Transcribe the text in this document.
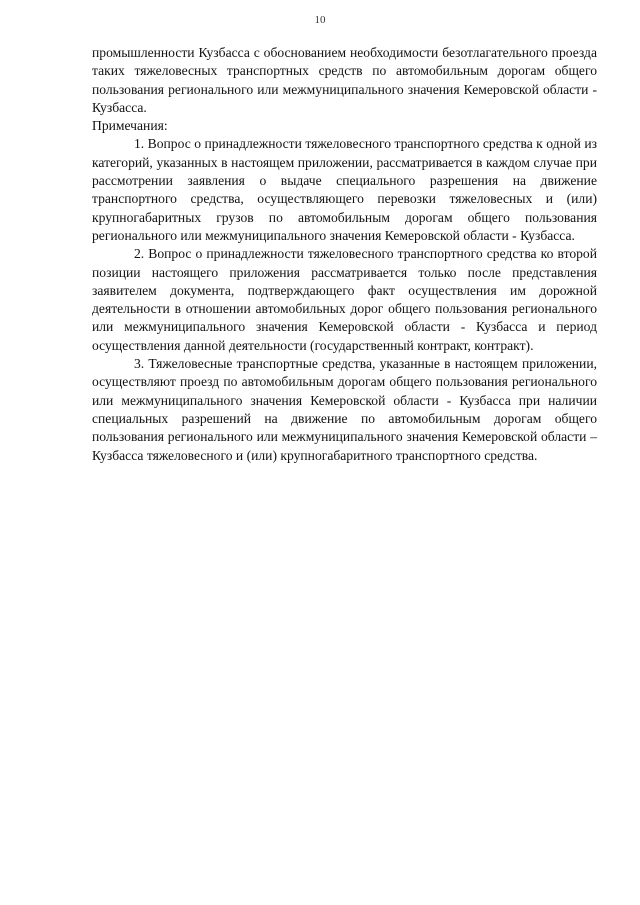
10

промышленности Кузбасса с обоснованием необходимости безотлагательного проезда таких тяжеловесных транспортных средств по автомобильным дорогам общего пользования регионального или межмуниципального значения Кемеровской области - Кузбасса.

Примечания:

1. Вопрос о принадлежности тяжеловесного транспортного средства к одной из категорий, указанных в настоящем приложении, рассматривается в каждом случае при рассмотрении заявления о выдаче специального разрешения на движение транспортного средства, осуществляющего перевозки тяжеловесных и (или) крупногабаритных грузов по автомобильным дорогам общего пользования регионального или межмуниципального значения Кемеровской области - Кузбасса.

2. Вопрос о принадлежности тяжеловесного транспортного средства ко второй позиции настоящего приложения рассматривается только после представления заявителем документа, подтверждающего факт осуществления им дорожной деятельности в отношении автомобильных дорог общего пользования регионального или межмуниципального значения Кемеровской области - Кузбасса и период осуществления данной деятельности (государственный контракт, контракт).

3. Тяжеловесные транспортные средства, указанные в настоящем приложении, осуществляют проезд по автомобильным дорогам общего пользования регионального или межмуниципального значения Кемеровской области - Кузбасса при наличии специальных разрешений на движение по автомобильным дорогам общего пользования регионального или межмуниципального значения Кемеровской области – Кузбасса тяжеловесного и (или) крупногабаритного транспортного средства.
